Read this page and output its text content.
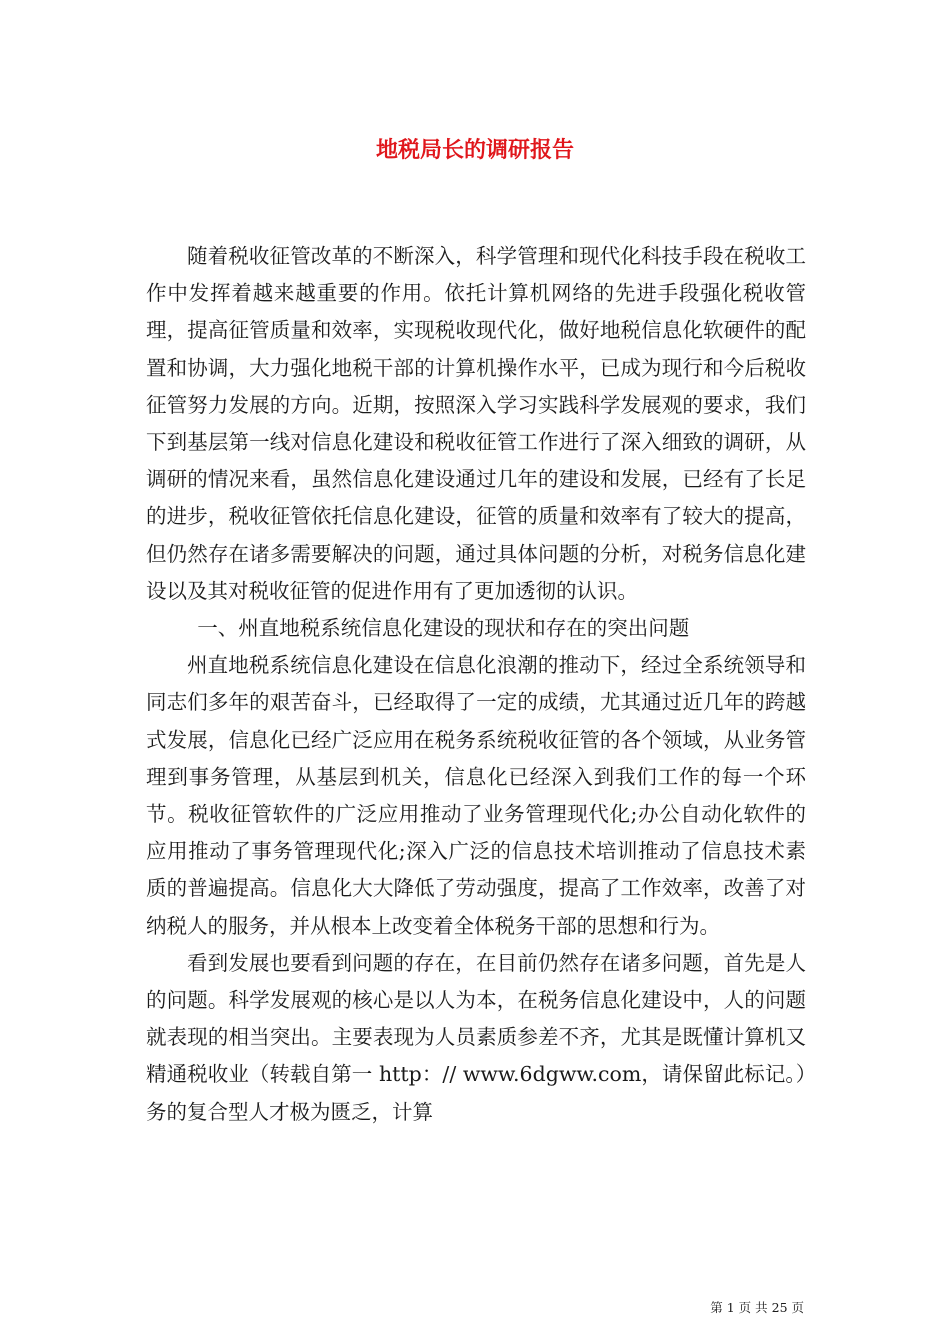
地税局长的调研报告

随着税收征管改革的不断深入，科学管理和现代化科技手段在税收工作中发挥着越来越重要的作用。依托计算机网络的先进手段强化税收管理，提高征管质量和效率，实现税收现代化，做好地税信息化软硬件的配置和协调，大力强化地税干部的计算机操作水平，已成为现行和今后税收征管努力发展的方向。近期，按照深入学习实践科学发展观的要求，我们下到基层第一线对信息化建设和税收征管工作进行了深入细致的调研，从调研的情况来看，虽然信息化建设通过几年的建设和发展，已经有了长足的进步，税收征管依托信息化建设，征管的质量和效率有了较大的提高，但仍然存在诸多需要解决的问题，通过具体问题的分析，对税务信息化建设以及其对税收征管的促进作用有了更加透彻的认识。

一、州直地税系统信息化建设的现状和存在的突出问题

州直地税系统信息化建设在信息化浪潮的推动下，经过全系统领导和同志们多年的艰苦奋斗，已经取得了一定的成绩，尤其通过近几年的跨越式发展，信息化已经广泛应用在税务系统税收征管的各个领域，从业务管理到事务管理，从基层到机关，信息化已经深入到我们工作的每一个环节。税收征管软件的广泛应用推动了业务管理现代化;办公自动化软件的应用推动了事务管理现代化;深入广泛的信息技术培训推动了信息技术素质的普遍提高。信息化大大降低了劳动强度，提高了工作效率，改善了对纳税人的服务，并从根本上改变着全体税务干部的思想和行为。

看到发展也要看到问题的存在，在目前仍然存在诸多问题，首先是人的问题。科学发展观的核心是以人为本，在税务信息化建设中，人的问题就表现的相当突出。主要表现为人员素质参差不齐，尤其是既懂计算机又精通税收业（转载自第一 http：// www.6dgww.com，请保留此标记。）务的复合型人才极为匮乏，计算

第 1 页 共 25 页
